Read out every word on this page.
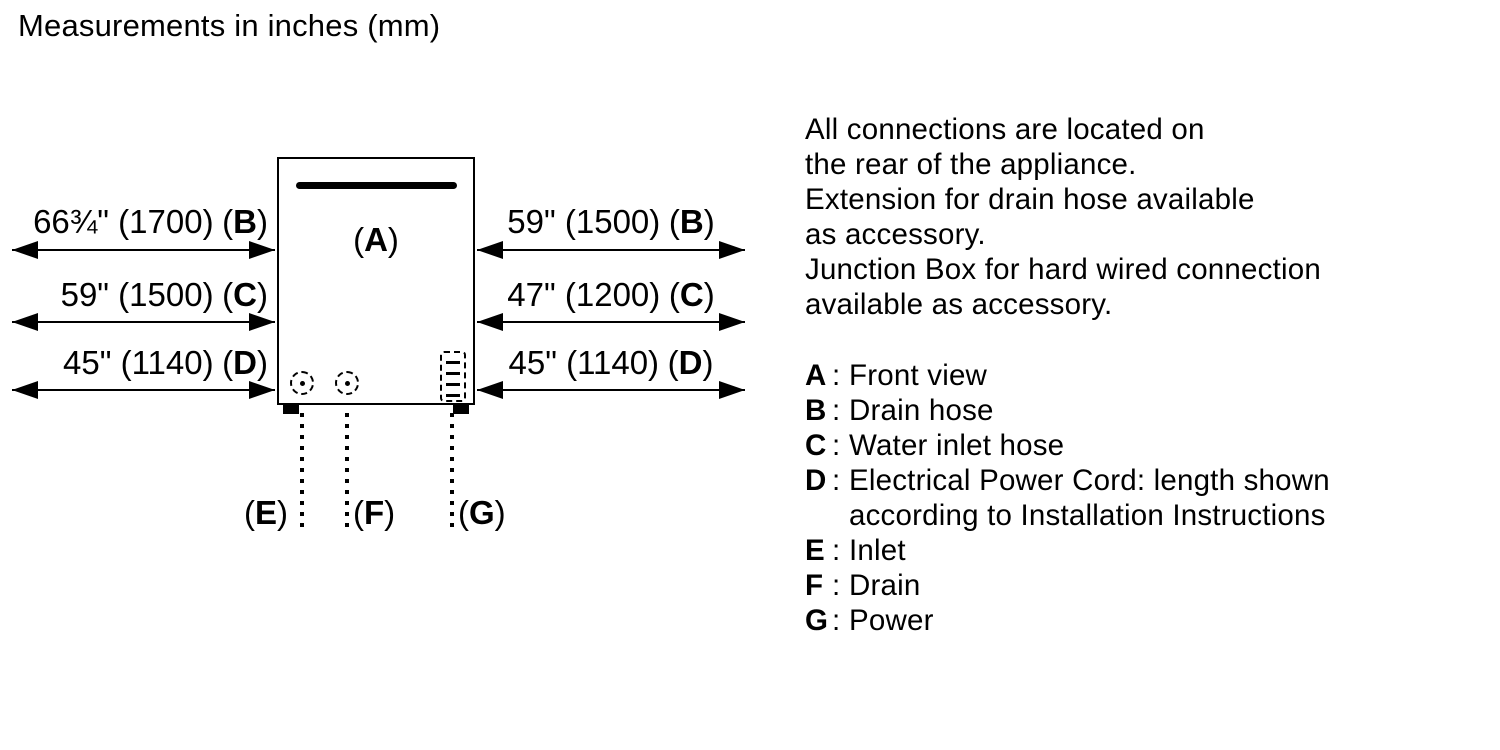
Measurements in inches (mm)
66¾" (1700) (B)
59" (1500) (C)
45" (1140) (D)
59" (1500) (B)
47" (1200) (C)
45" (1140) (D)
(A)
(E) (F) (G)
All connections are located on
the rear of the appliance.
Extension for drain hose available
as accessory.
Junction Box for hard wired connection
available as accessory.
A : Front view
B : Drain hose
C : Water inlet hose
D : Electrical Power Cord: length shown
according to Installation Instructions
E : Inlet
F : Drain
G : Power
